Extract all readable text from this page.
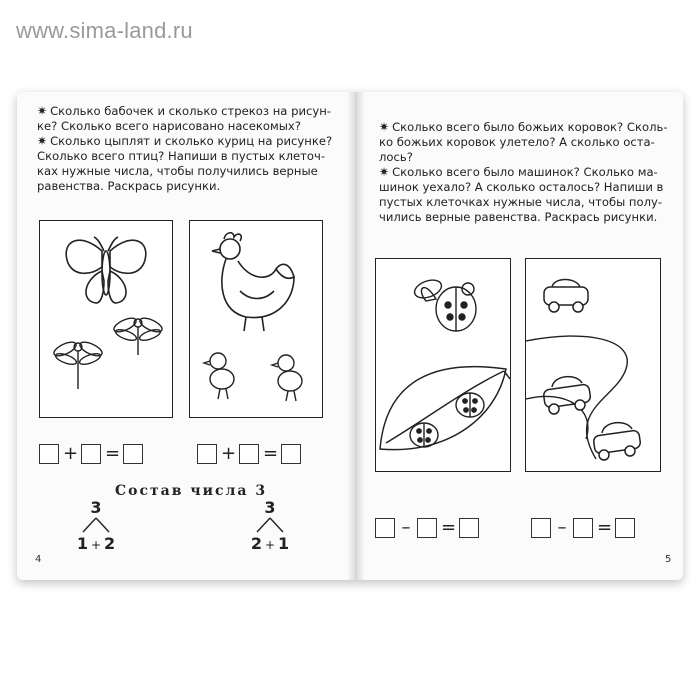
www.sima-land.ru

✷ Сколько бабочек и сколько стрекоз на рисун-ке? Сколько всего нарисовано насекомых?

✷ Сколько цыплят и сколько куриц на рисунке? Сколько всего птиц? Напиши в пустых клеточ-ках нужные числа, чтобы получились верные равенства. Раскрась рисунки.

+ =	+ =
Состав числа 3
3
1 + 2
3
2 + 1
4

✷ Сколько всего было божьих коровок? Сколь-ко божьих коровок улетело? А сколько оста-лось?

✷ Сколько всего было машинок? Сколько ма-шинок уехало? А сколько осталось? Напиши в пустых клеточках нужные числа, чтобы полу-чились верные равенства. Раскрась рисунки.

– =	– =
5
